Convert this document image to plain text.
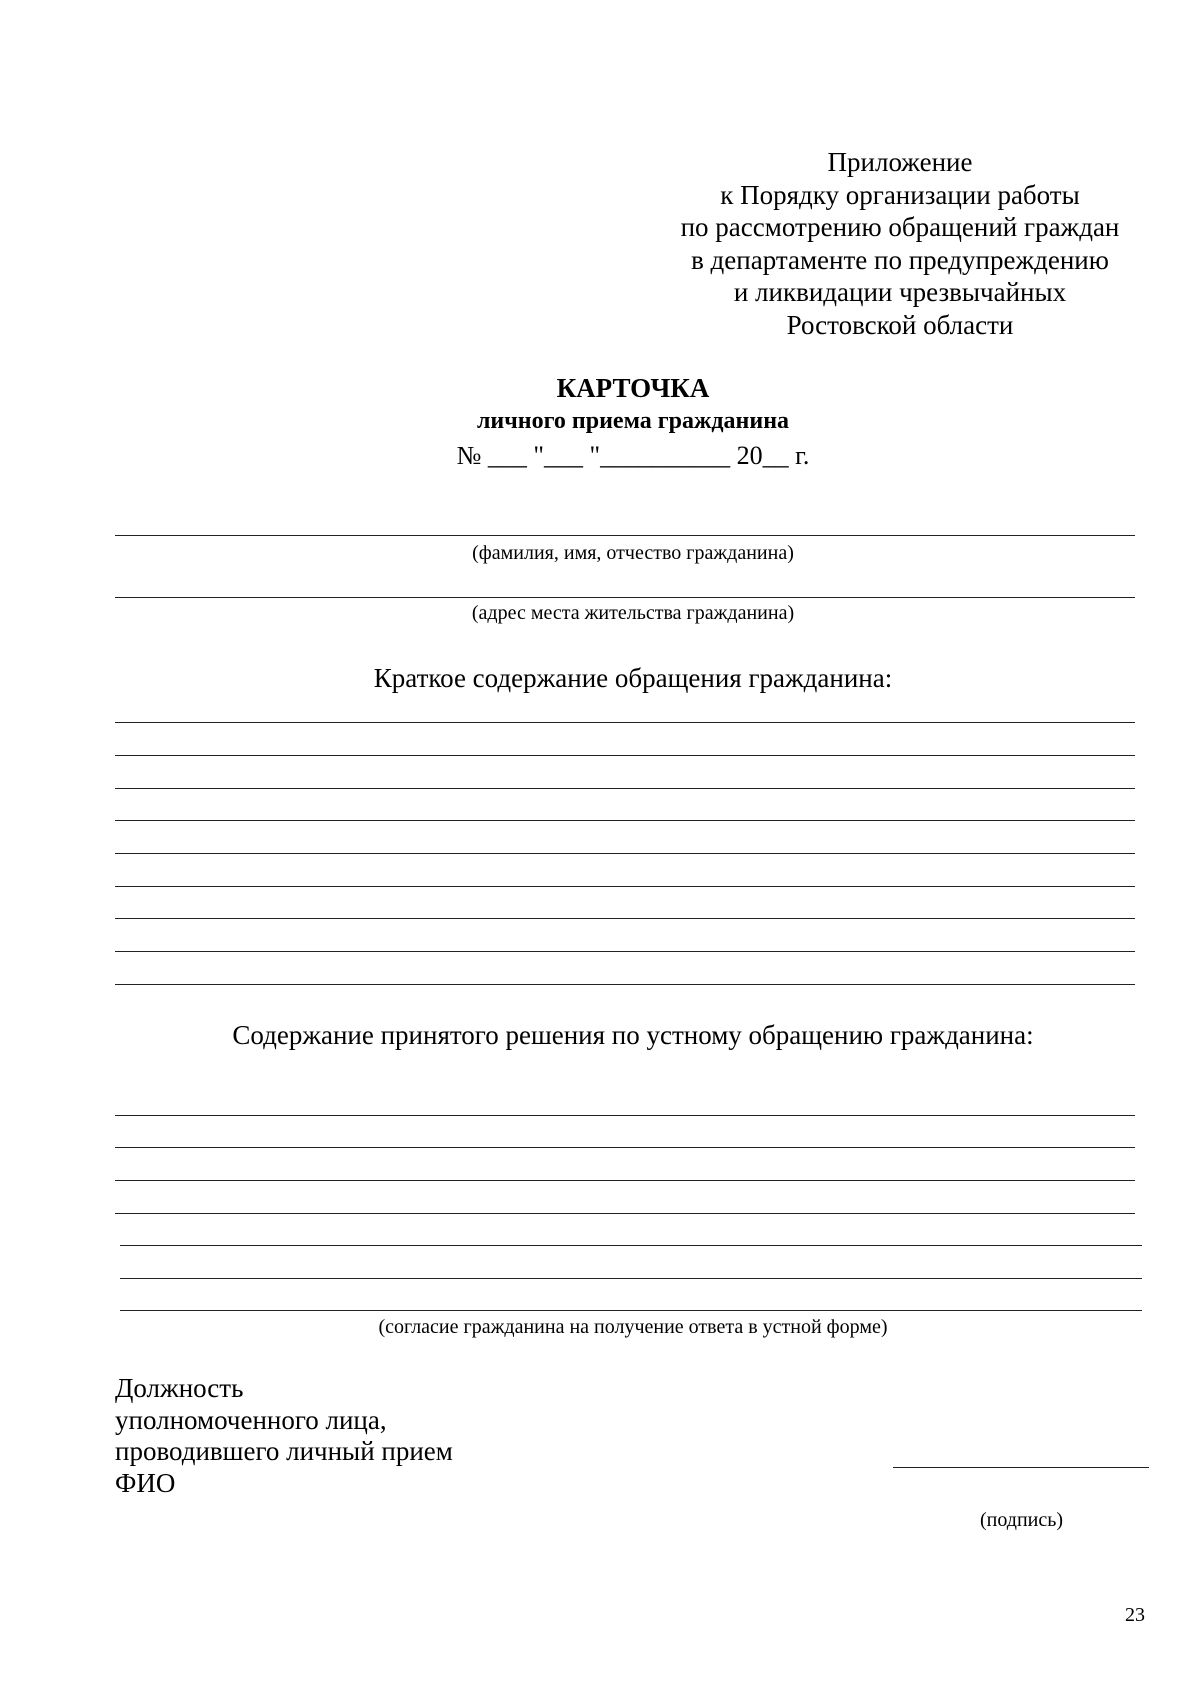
Приложение
к Порядку организации работы
по рассмотрению обращений граждан
в департаменте по предупреждению
и ликвидации чрезвычайных
Ростовской области
КАРТОЧКА
личного приема гражданина
№ ___ "___ "__________ 20__ г.
(фамилия, имя, отчество гражданина)
(адрес места жительства гражданина)
Краткое содержание обращения гражданина:
Содержание принятого решения по устному обращению гражданина:
(согласие гражданина на получение ответа в устной форме)
Должность
уполномоченного лица,
проводившего личный прием
ФИО
(подпись)
23
